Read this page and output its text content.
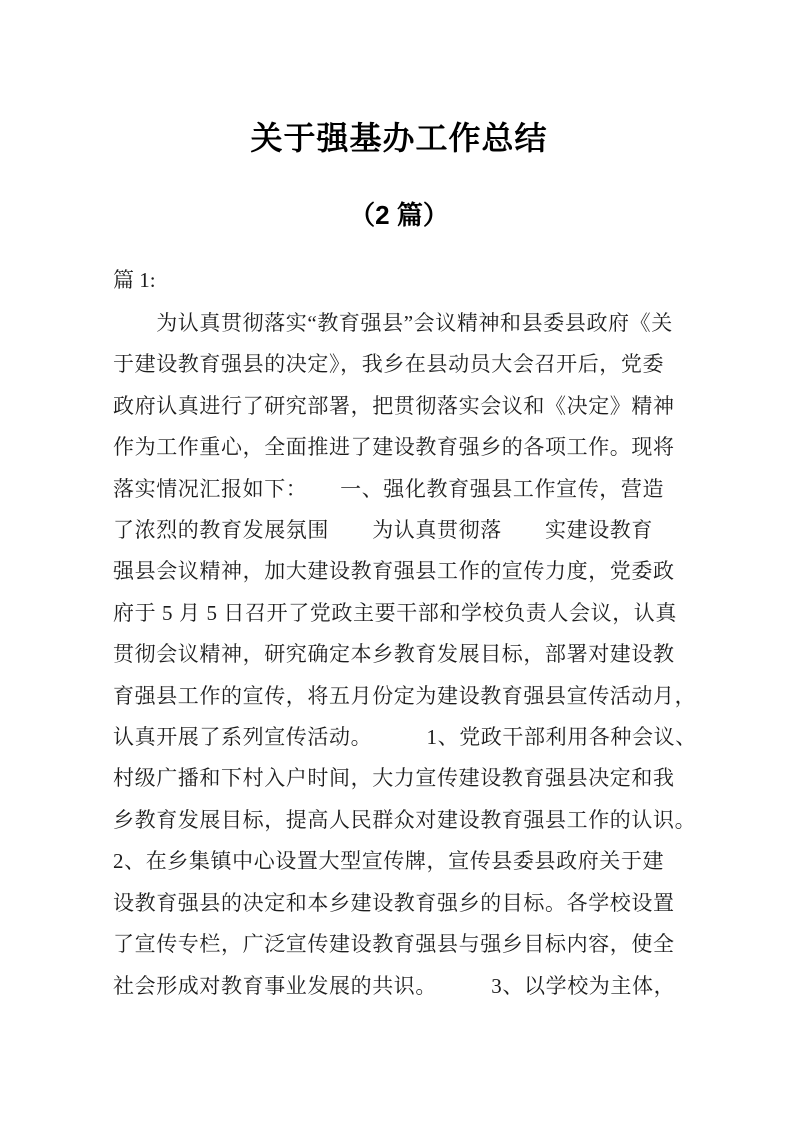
关于强基办工作总结
（2 篇）
篇 1:
　　为认真贯彻落实“教育强县”会议精神和县委县政府《关
于建设教育强县的决定》，我乡在县动员大会召开后，党委
政府认真进行了研究部署，把贯彻落实会议和《决定》精神
作为工作重心，全面推进了建设教育强乡的各项工作。现将
落实情况汇报如下：　　一、强化教育强县工作宣传，营造
了浓烈的教育发展氛围　　为认真贯彻落　　实建设教育
强县会议精神，加大建设教育强县工作的宣传力度，党委政
府于 5 月 5 日召开了党政主要干部和学校负责人会议，认真
贯彻会议精神，研究确定本乡教育发展目标，部署对建设教
育强县工作的宣传，将五月份定为建设教育强县宣传活动月，
认真开展了系列宣传活动。　　　1、党政干部利用各种会议、
村级广播和下村入户时间，大力宣传建设教育强县决定和我
乡教育发展目标，提高人民群众对建设教育强县工作的认识。
2、在乡集镇中心设置大型宣传牌，宣传县委县政府关于建
设教育强县的决定和本乡建设教育强乡的目标。各学校设置
了宣传专栏，广泛宣传建设教育强县与强乡目标内容，使全
社会形成对教育事业发展的共识。　　　3、以学校为主体，
